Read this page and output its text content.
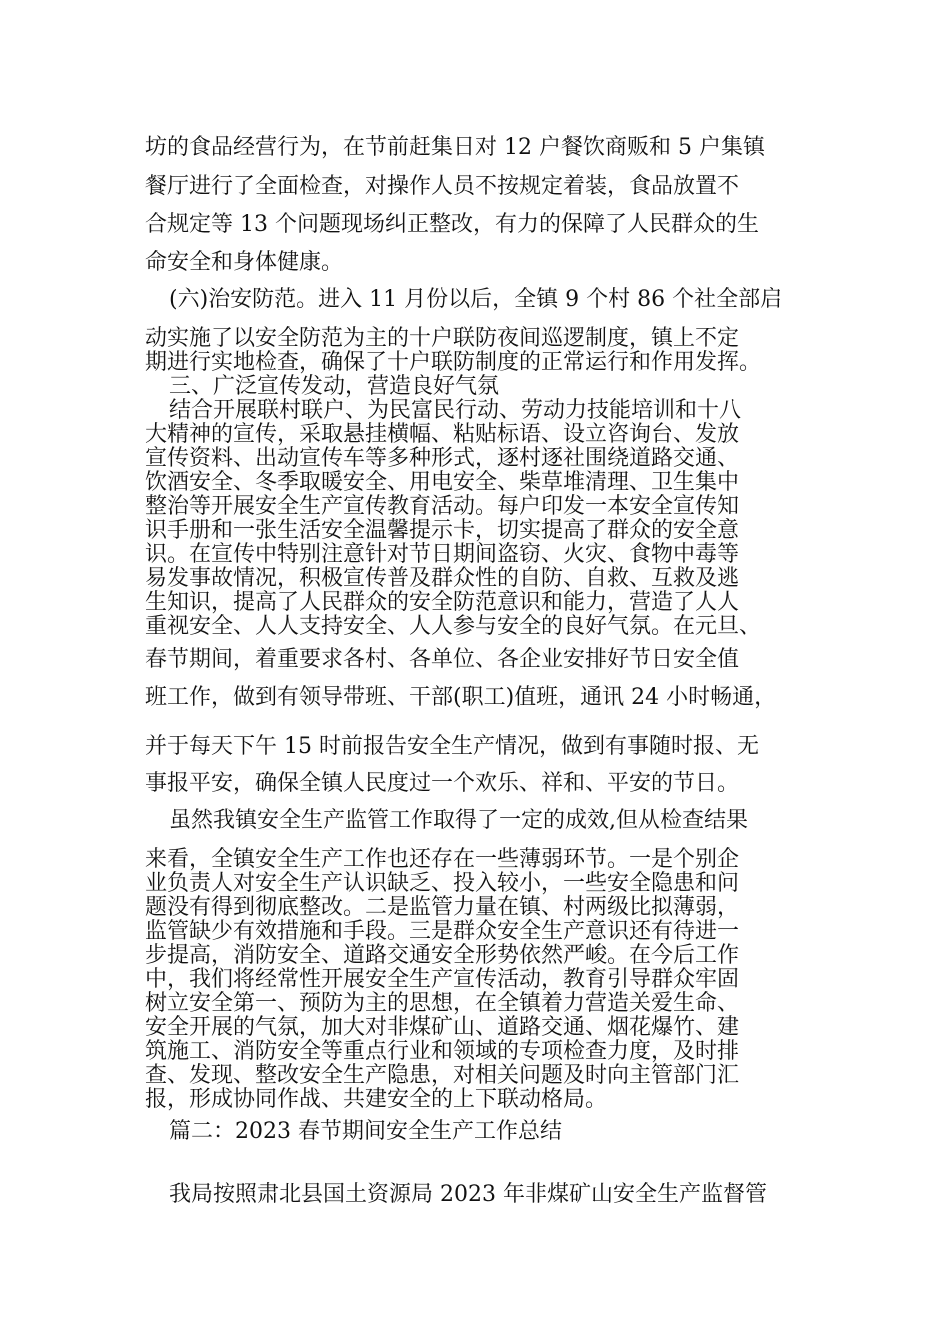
坊的食品经营行为，在节前赶集日对 12 户餐饮商贩和 5 户集镇
餐厅进行了全面检查，对操作人员不按规定着装，食品放置不
合规定等 13 个问题现场纠正整改，有力的保障了人民群众的生
命安全和身体健康。
(六)治安防范。进入 11 月份以后，全镇 9 个村 86 个社全部启
动实施了以安全防范为主的十户联防夜间巡逻制度，镇上不定
期进行实地检查，确保了十户联防制度的正常运行和作用发挥。
三、广泛宣传发动，营造良好气氛
结合开展联村联户、为民富民行动、劳动力技能培训和十八
大精神的宣传，采取悬挂横幅、粘贴标语、设立咨询台、发放
宣传资料、出动宣传车等多种形式，逐村逐社围绕道路交通、
饮酒安全、冬季取暖安全、用电安全、柴草堆清理、卫生集中
整治等开展安全生产宣传教育活动。每户印发一本安全宣传知
识手册和一张生活安全温馨提示卡，切实提高了群众的安全意
识。在宣传中特别注意针对节日期间盗窃、火灾、食物中毒等
易发事故情况，积极宣传普及群众性的自防、自救、互救及逃
生知识，提高了人民群众的安全防范意识和能力，营造了人人
重视安全、人人支持安全、人人参与安全的良好气氛。在元旦、
春节期间，着重要求各村、各单位、各企业安排好节日安全值
班工作，做到有领导带班、干部(职工)值班，通讯 24 小时畅通，
并于每天下午 15 时前报告安全生产情况，做到有事随时报、无
事报平安，确保全镇人民度过一个欢乐、祥和、平安的节日。
虽然我镇安全生产监管工作取得了一定的成效,但从检查结果
来看，全镇安全生产工作也还存在一些薄弱环节。一是个别企
业负责人对安全生产认识缺乏、投入较小，一些安全隐患和问
题没有得到彻底整改。二是监管力量在镇、村两级比拟薄弱，
监管缺少有效措施和手段。三是群众安全生产意识还有待进一
步提高，消防安全、道路交通安全形势依然严峻。在今后工作
中，我们将经常性开展安全生产宣传活动，教育引导群众牢固
树立安全第一、预防为主的思想，在全镇着力营造关爱生命、
安全开展的气氛，加大对非煤矿山、道路交通、烟花爆竹、建
筑施工、消防安全等重点行业和领域的专项检查力度，及时排
查、发现、整改安全生产隐患，对相关问题及时向主管部门汇
报，形成协同作战、共建安全的上下联动格局。
篇二：2023 春节期间安全生产工作总结
我局按照肃北县国土资源局 2023 年非煤矿山安全生产监督管
